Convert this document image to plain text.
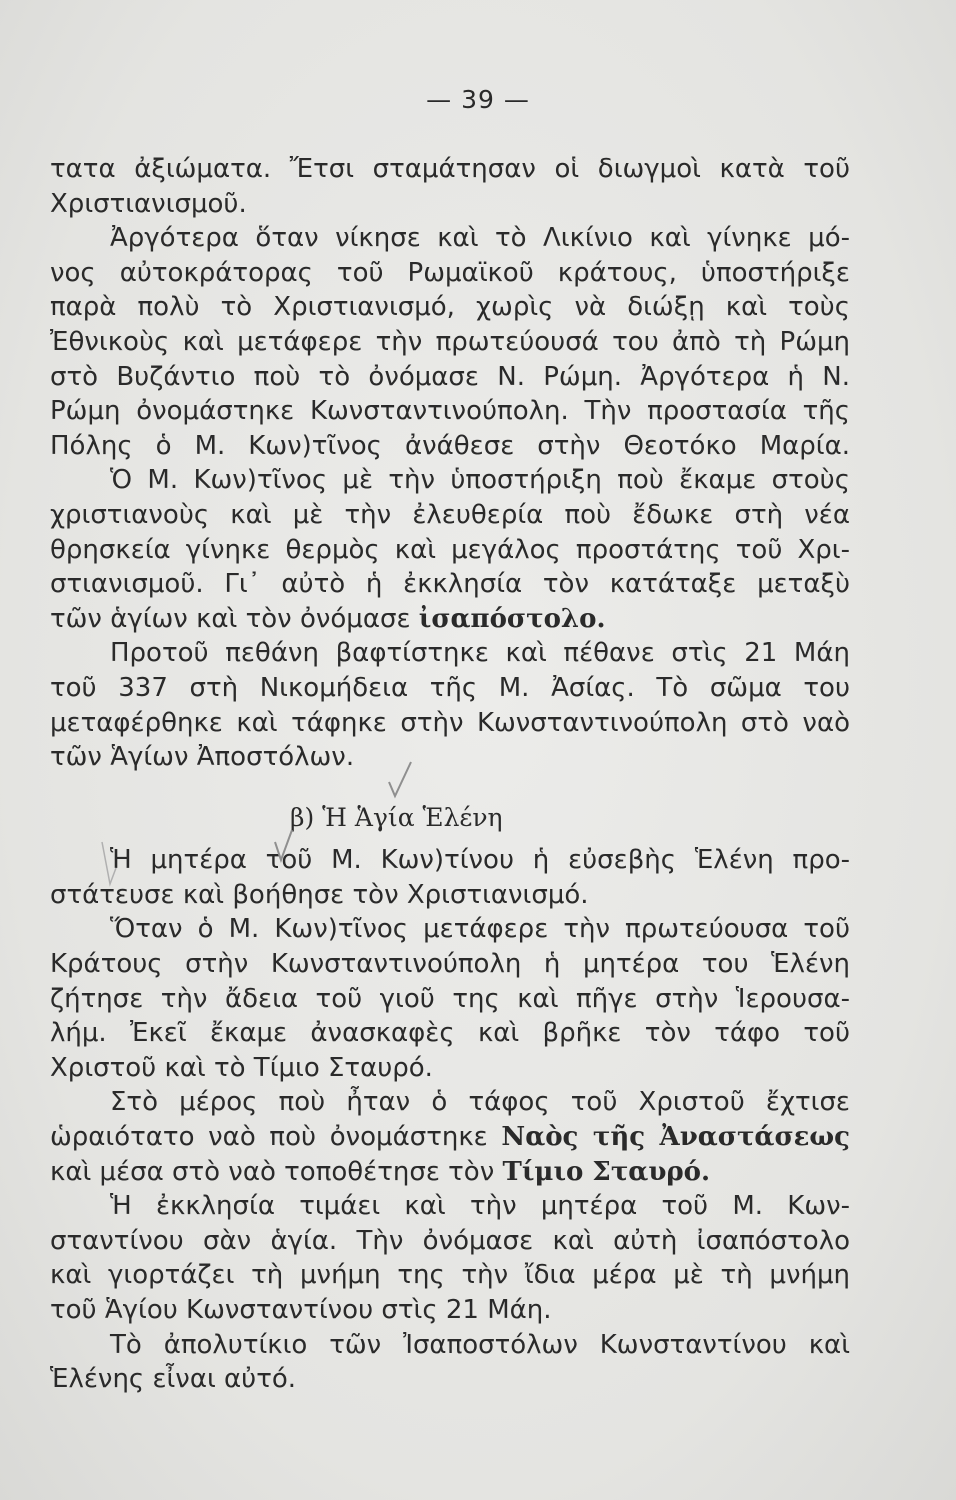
— 39 —
τατα ἀξιώματα. Ἔτσι σταμάτησαν οἱ διωγμοὶ κατὰ τοῦ
Χριστιανισμοῦ.
Ἀργότερα ὅταν νίκησε καὶ τὸ Λικίνιο καὶ γίνηκε μό-
νος αὐτοκράτορας τοῦ Ρωμαϊκοῦ κράτους, ὑποστήριξε
παρὰ πολὺ τὸ Χριστιανισμό, χωρὶς νὰ διώξῃ καὶ τοὺς
Ἐθνικοὺς καὶ μετάφερε τὴν πρωτεύουσά του ἀπὸ τὴ Ρώμη
στὸ Βυζάντιο ποὺ τὸ ὀνόμασε Ν. Ρώμη. Ἀργότερα ἡ Ν.
Ρώμη ὀνομάστηκε Κωνσταντινούπολη. Τὴν προστασία τῆς
Πόλης ὁ Μ. Κων)τῖνος ἀνάθεσε στὴν Θεοτόκο Μαρία.
Ὁ Μ. Κων)τῖνος μὲ τὴν ὑποστήριξη ποὺ ἔκαμε στοὺς
χριστιανοὺς καὶ μὲ τὴν ἐλευθερία ποὺ ἔδωκε στὴ νέα
θρησκεία γίνηκε θερμὸς καὶ μεγάλος προστάτης τοῦ Χρι-
στιανισμοῦ. Γι᾿ αὐτὸ ἡ ἐκκλησία τὸν κατάταξε μεταξὺ
τῶν ἁγίων καὶ τὸν ὀνόμασε ἰσαπόστολο.
Προτοῦ πεθάνη βαφτίστηκε καὶ πέθανε στὶς 21 Μάη
τοῦ 337 στὴ Νικομήδεια τῆς Μ. Ἀσίας. Τὸ σῶμα του
μεταφέρθηκε καὶ τάφηκε στὴν Κωνσταντινούπολη στὸ ναὸ
τῶν Ἁγίων Ἀποστόλων.
β) Ἡ Ἁγία Ἑλένη
Ἡ μητέρα τοῦ Μ. Κων)τίνου ἡ εὐσεβὴς Ἑλένη προ-
στάτευσε καὶ βοήθησε τὸν Χριστιανισμό.
Ὅταν ὁ Μ. Κων)τῖνος μετάφερε τὴν πρωτεύουσα τοῦ
Κράτους στὴν Κωνσταντινούπολη ἡ μητέρα του Ἑλένη
ζήτησε τὴν ἄδεια τοῦ γιοῦ της καὶ πῆγε στὴν Ἱερουσα-
λήμ. Ἐκεῖ ἔκαμε ἀνασκαφὲς καὶ βρῆκε τὸν τάφο τοῦ
Χριστοῦ καὶ τὸ Τίμιο Σταυρό.
Στὸ μέρος ποὺ ἦταν ὁ τάφος τοῦ Χριστοῦ ἔχτισε
ὡραιότατο ναὸ ποὺ ὀνομάστηκε Ναὸς τῆς Ἀναστάσεως
καὶ μέσα στὸ ναὸ τοποθέτησε τὸν Τίμιο Σταυρό.
Ἡ ἐκκλησία τιμάει καὶ τὴν μητέρα τοῦ Μ. Κων-
σταντίνου σὰν ἁγία. Τὴν ὀνόμασε καὶ αὐτὴ ἰσαπόστολο
καὶ γιορτάζει τὴ μνήμη της τὴν ἴδια μέρα μὲ τὴ μνήμη
τοῦ Ἁγίου Κωνσταντίνου στὶς 21 Μάη.
Τὸ ἀπολυτίκιο τῶν Ἰσαποστόλων Κωνσταντίνου καὶ
Ἑλένης εἶναι αὐτό.
